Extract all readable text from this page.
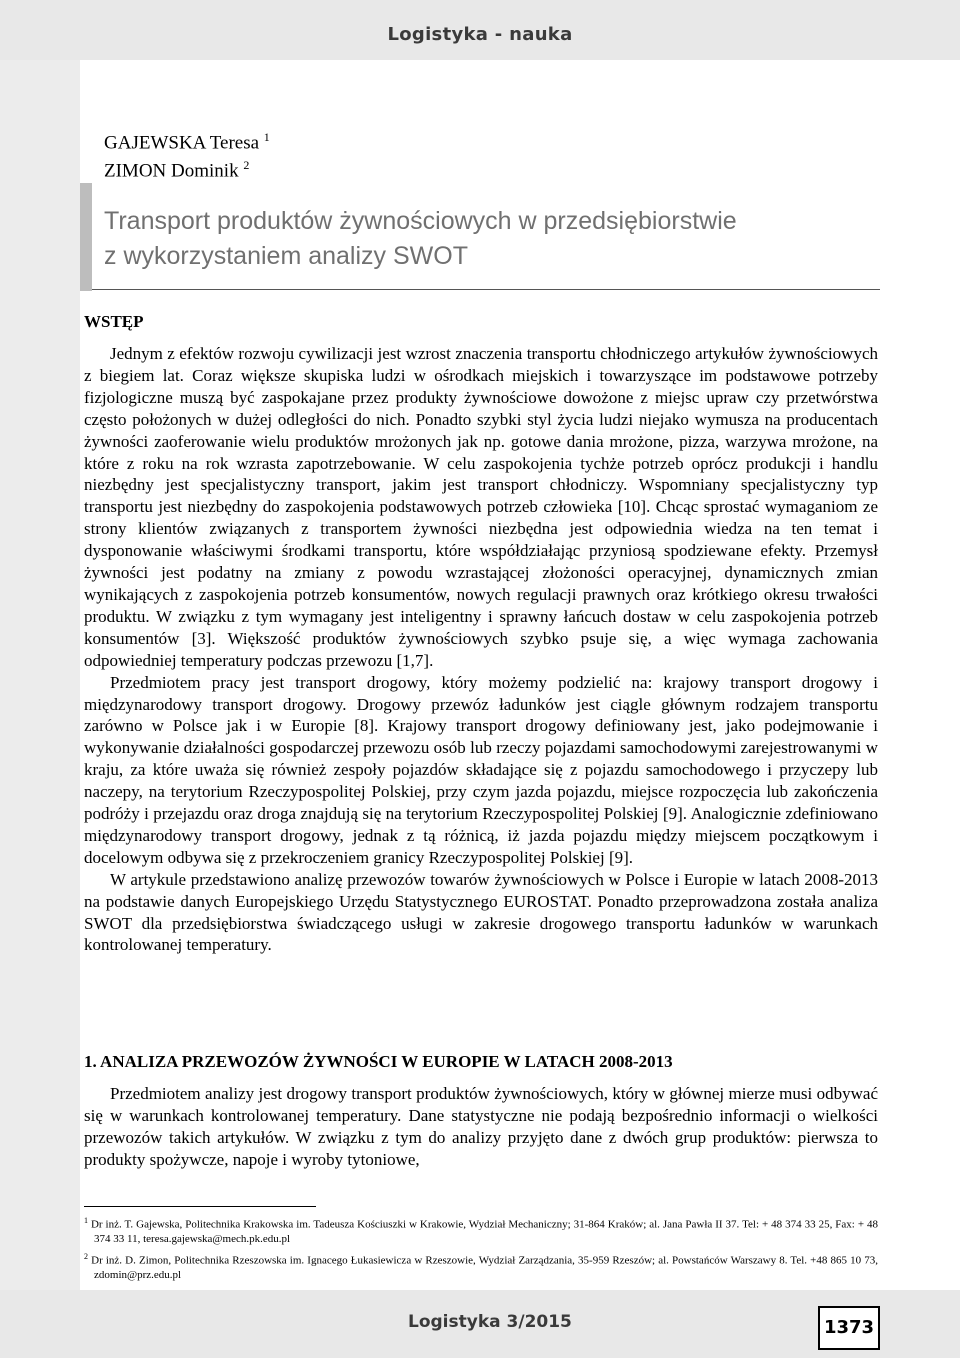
Logistyka - nauka
GAJEWSKA Teresa $^1$
ZIMON Dominik $^2$
Transport produktów żywnościowych w przedsiębiorstwie
z wykorzystaniem analizy SWOT
WSTĘP

Jednym z efektów rozwoju cywilizacji jest wzrost znaczenia transportu chłodniczego artykułów żywnościowych z biegiem lat. Coraz większe skupiska ludzi w ośrodkach miejskich i towarzyszące im podstawowe potrzeby fizjologiczne muszą być zaspokajane przez produkty żywnościowe dowożone z miejsc upraw czy przetwórstwa często położonych w dużej odległości do nich. Ponadto szybki styl życia ludzi niejako wymusza na producentach żywności zaoferowanie wielu produktów mrożonych jak np. gotowe dania mrożone, pizza, warzywa mrożone, na które z roku na rok wzrasta zapotrzebowanie. W celu zaspokojenia tychże potrzeb oprócz produkcji i handlu niezbędny jest specjalistyczny transport, jakim jest transport chłodniczy. Wspomniany specjalistyczny typ transportu jest niezbędny do zaspokojenia podstawowych potrzeb człowieka [10]. Chcąc sprostać wymaganiom ze strony klientów związanych z transportem żywności niezbędna jest odpowiednia wiedza na ten temat i dysponowanie właściwymi środkami transportu, które współdziałając przyniosą spodziewane efekty. Przemysł żywności jest podatny na zmiany z powodu wzrastającej złożoności operacyjnej, dynamicznych zmian wynikających z zaspokojenia potrzeb konsumentów, nowych regulacji prawnych oraz krótkiego okresu trwałości produktu. W związku z tym wymagany jest inteligentny i sprawny łańcuch dostaw w celu zaspokojenia potrzeb konsumentów [3]. Większość produktów żywnościowych szybko psuje się, a więc wymaga zachowania odpowiedniej temperatury podczas przewozu [1,7].

Przedmiotem pracy jest transport drogowy, który możemy podzielić na: krajowy transport drogowy i międzynarodowy transport drogowy. Drogowy przewóz ładunków jest ciągle głównym rodzajem transportu zarówno w Polsce jak i w Europie [8]. Krajowy transport drogowy definiowany jest, jako podejmowanie i wykonywanie działalności gospodarczej przewozu osób lub rzeczy pojazdami samochodowymi zarejestrowanymi w kraju, za które uważa się również zespoły pojazdów składające się z pojazdu samochodowego i przyczepy lub naczepy, na terytorium Rzeczypospolitej Polskiej, przy czym jazda pojazdu, miejsce rozpoczęcia lub zakończenia podróży i przejazdu oraz droga znajdują się na terytorium Rzeczypospolitej Polskiej [9]. Analogicznie zdefiniowano międzynarodowy transport drogowy, jednak z tą różnicą, iż jazda pojazdu między miejscem początkowym i docelowym odbywa się z przekroczeniem granicy Rzeczypospolitej Polskiej [9].

W artykule przedstawiono analizę przewozów towarów żywnościowych w Polsce i Europie w latach 2008-2013 na podstawie danych Europejskiego Urzędu Statystycznego EUROSTAT. Ponadto przeprowadzona została analiza SWOT dla przedsiębiorstwa świadczącego usługi w zakresie drogowego transportu ładunków w warunkach kontrolowanej temperatury.

1. ANALIZA PRZEWOZÓW ŻYWNOŚCI W EUROPIE W LATACH 2008-2013

Przedmiotem analizy jest drogowy transport produktów żywnościowych, który w głównej mierze musi odbywać się w warunkach kontrolowanej temperatury. Dane statystyczne nie podają bezpośrednio informacji o wielkości przewozów takich artykułów. W związku z tym do analizy przyjęto dane z dwóch grup produktów: pierwsza to produkty spożywcze, napoje i wyroby tytoniowe,

$^1$ Dr inż. T. Gajewska, Politechnika Krakowska im. Tadeusza Kościuszki w Krakowie, Wydział Mechaniczny; 31-864 Kraków; al. Jana Pawła II 37. Tel: + 48 374 33 25, Fax: + 48 374 33 11, teresa.gajewska@mech.pk.edu.pl

$^2$ Dr inż. D. Zimon, Politechnika Rzeszowska im. Ignacego Łukasiewicza w Rzeszowie, Wydział Zarządzania, 35-959 Rzeszów; al. Powstańców Warszawy 8. Tel. +48 865 10 73, zdomin@prz.edu.pl

Logistyka 3/2015	1373
